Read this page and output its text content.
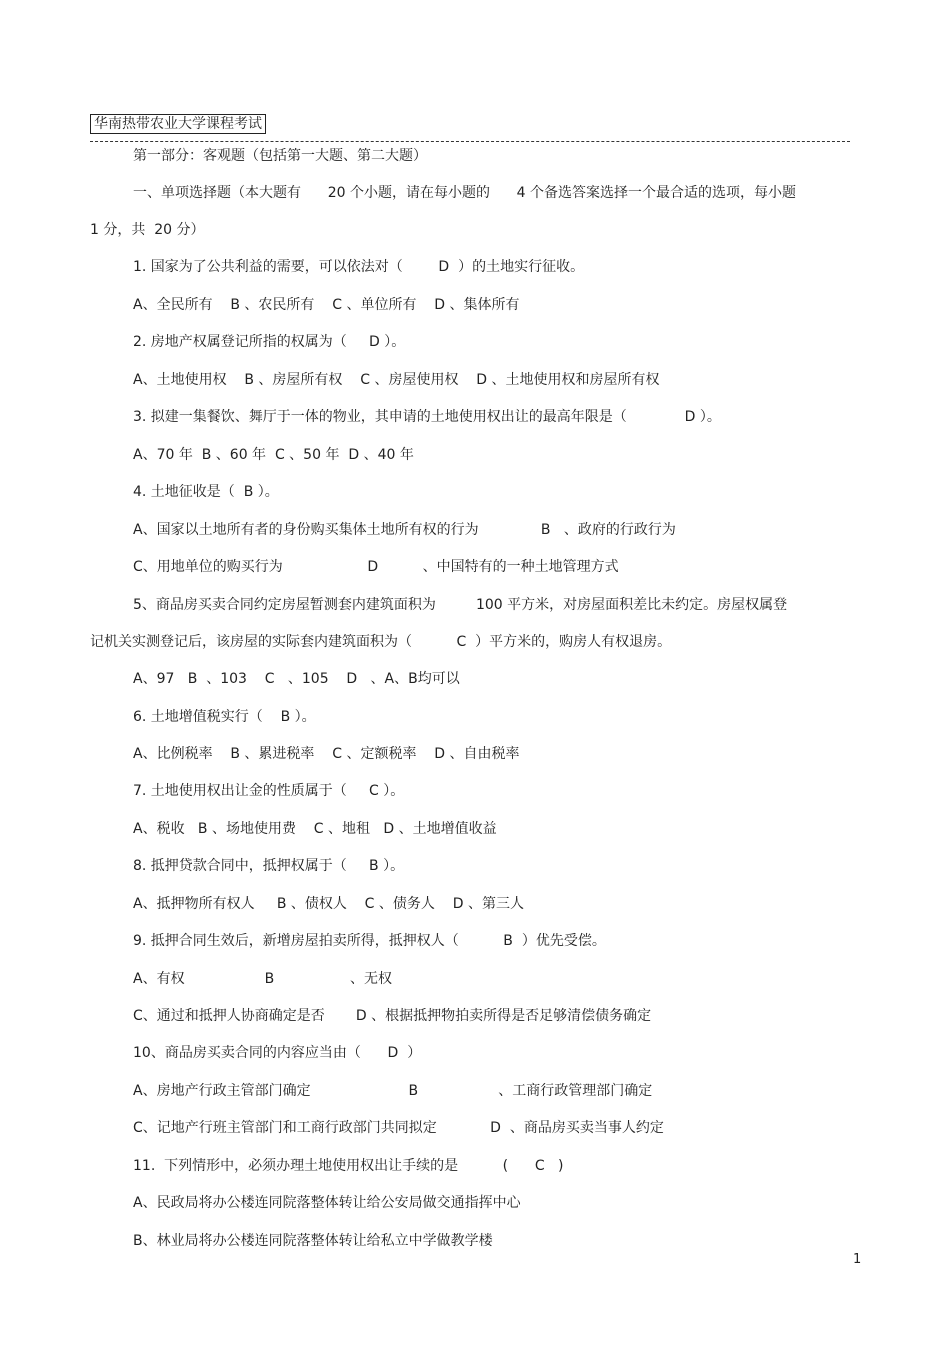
华南热带农业大学课程考试
第一部分：客观题（包括第一大题、第二大题）
一、单项选择题（本大题有      20 个小题，请在每小题的      4 个备选答案选择一个最合适的选项，每小题
1 分，共  20 分）
1. 国家为了公共利益的需要，可以依法对（        D  ）的土地实行征收。
A、全民所有    B 、农民所有    C 、单位所有    D 、集体所有
2. 房地产权属登记所指的权属为（     D ）。
A、土地使用权    B 、房屋所有权    C 、房屋使用权    D 、土地使用权和房屋所有权
3. 拟建一集餐饮、舞厅于一体的物业，其申请的土地使用权出让的最高年限是（             D ）。
A、70 年  B 、60 年  C 、50 年  D 、40 年
4. 土地征收是（  B ）。
A、国家以土地所有者的身份购买集体土地所有权的行为              B   、政府的行政行为
C、用地单位的购买行为                   D          、中国特有的一种土地管理方式
5、商品房买卖合同约定房屋暂测套内建筑面积为         100 平方米，对房屋面积差比未约定。房屋权属登
记机关实测登记后，该房屋的实际套内建筑面积为（          C  ）平方米的，购房人有权退房。
A、97   B  、103    C   、105    D   、A、B均可以
6. 土地增值税实行（    B ）。
A、比例税率    B 、累进税率    C 、定额税率    D 、自由税率
7. 土地使用权出让金的性质属于（     C ）。
A、税收   B 、场地使用费    C 、地租   D 、土地增值收益
8. 抵押贷款合同中，抵押权属于（     B ）。
A、抵押物所有权人     B 、债权人    C 、债务人    D 、第三人
9. 抵押合同生效后，新增房屋拍卖所得，抵押权人（          B  ）优先受偿。
A、有权                  B                 、无权
C、通过和抵押人协商确定是否       D 、根据抵押物拍卖所得是否足够清偿债务确定
10、商品房买卖合同的内容应当由（      D  ）
A、房地产行政主管部门确定                      B                  、工商行政管理部门确定
C、记地产行班主管部门和工商行政部门共同拟定            D  、商品房买卖当事人约定
11.  下列情形中，必须办理土地使用权出让手续的是          (      C   )
A、民政局将办公楼连同院落整体转让给公安局做交通指挥中心
B、林业局将办公楼连同院落整体转让给私立中学做教学楼
1
